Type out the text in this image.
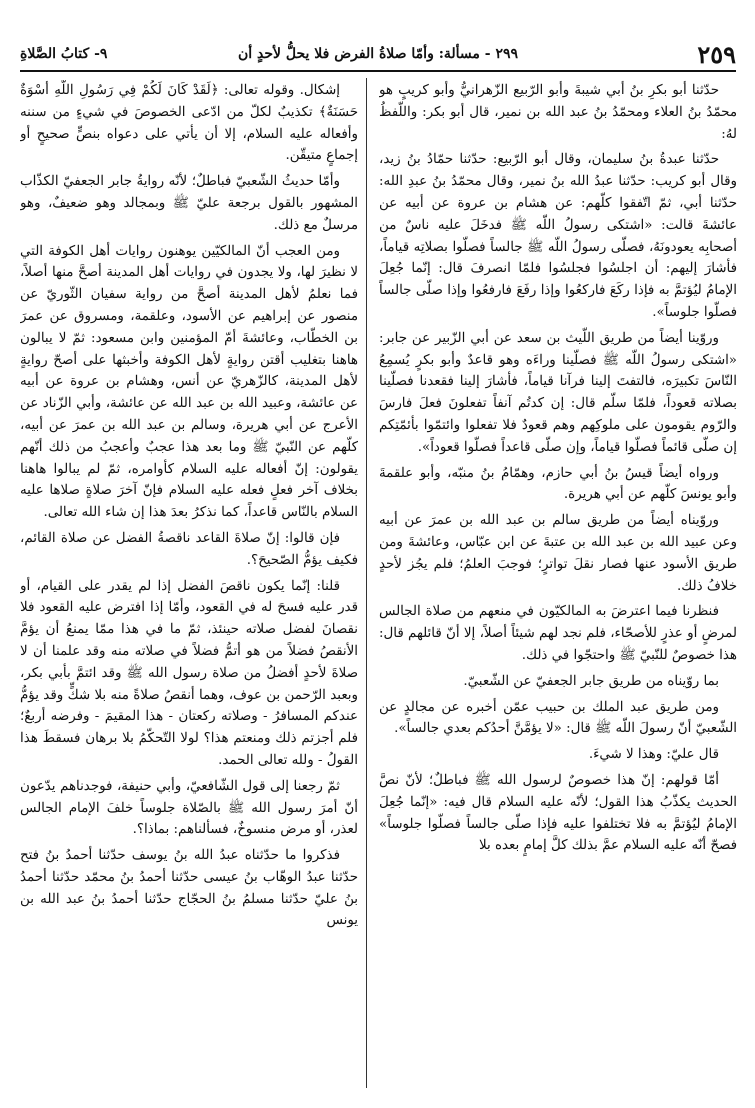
٢٥٩
٢٩٩ - مسألة: وأمّا صلاةُ الفرض فلا يحلُّ لأحدٍ أن
٩- كتابُ الصَّلاةِ

حدّثنا أبو بكرِ بنُ أبي شيبةَ وأبو الرّبيع الزّهرانيُّ وأبو كريبٍ هو محمّدُ بنُ العلاء ومحمّدُ بنُ عبد الله بن نمير، قال أبو بكر: واللّفظُ لهُ:

حدّثنا عبدةُ بنُ سليمان، وقال أبو الرّبيع: حدّثنا حمّادُ بنُ زيد، وقال أبو كريب: حدّثنا عبدُ الله بنُ نمير، وقال محمّدُ بنُ عبدِ الله: حدّثنا أبي، ثمّ اتّفقوا كلّهم: عن هشام بن عروة عن أبيه عن عائشةَ قالت: «اشتكى رسولُ اللّه ﷺ فدخَلَ عليه ناسٌ من أصحابِه يعودونَهُ، فصلّى رسولُ اللّه ﷺ جالساً فصلّوا بصلاتِه قياماً، فأشارَ إليهم: أن اجلسُوا فجلسُوا فلمّا انصرفَ قال: إنّما جُعِلَ الإمامُ ليُؤتمَّ به فإذا ركَعَ فاركعُوا وإذا رفَعَ فارفعُوا وإذا صلّى جالساً فصلّوا جلوساً».

وروّينا أيضاً من طريق اللّيث بن سعد عن أبي الزّبير عن جابر: «اشتكى رسولُ اللّه ﷺ فصلّينا وراءَه وهو قاعدٌ وأبو بكرٍ يُسمِعُ النّاسَ تكبيرَه، فالتفتَ إلينا فرآنا قياماً، فأشارَ إلينا فقعدنا فصلّينا بصلاته قعوداً، فلمّا سلّم قال: إن كدتُم آنفاً تفعلونَ فعلَ فارسَ والرّوم يقومون على ملوكِهم وهم قعودٌ فلا تفعلوا وائتمّوا بأئمّتِكم إن صلّى قائماً فصلّوا قياماً، وإن صلّى قاعداً فصلّوا قعوداً».

ورواه أيضاً قيسُ بنُ أبي حازم، وهمّامُ بنُ منبّه، وأبو علقمةَ وأبو يونسَ كلّهم عن أبي هريرة.

وروّيناه أيضاً من طريق سالم بن عبد الله بن عمرَ عن أبيه وعن عبيد الله بن عبد الله بن عتبةَ عن ابن عبّاس، وعائشةَ ومن طريق الأسود عنها فصار نقلَ تواترٍ؛ فوجبَ العلمُ؛ فلم يجُز لأحدٍ خلافُ ذلك.

فنظرنا فيما اعترضَ به المالكيّون في منعهم من صلاة الجالس لمرضٍ أو عذرٍ للأصحّاء، فلم نجد لهم شيئاً أصلاً، إلا أنّ قائلهم قال: هذا خصوصٌ للنّبيّ ﷺ واحتجّوا في ذلك.

بما روّيناه من طريق جابر الجعفيّ عن الشّعبيّ.

ومن طريق عبد الملك بن حبيب عمّن أخبره عن مجالدٍ عن الشّعبيّ أنّ رسولَ اللّه ﷺ قال: «لا يؤمَّنَّ أحدُكم بعدي جالساً».

قال عليّ: وهذا لا شيءَ.

أمّا قولهم: إنّ هذا خصوصٌ لرسول الله ﷺ فباطلٌ؛ لأنّ نصَّ الحديث يكذّبُ هذا القول؛ لأنّه عليه السلام قال فيه: «إنّما جُعِلَ الإمامُ ليُؤتمَّ به فلا تختلفوا عليه فإذا صلّى جالساً فصلّوا جلوساً» فصحّ أنّه عليه السلام عمَّ بذلك كلَّ إمامٍ بعده بلا

إشكال. وقوله تعالى: ﴿لَقَدْ كَانَ لَكُمْ فِي رَسُولِ اللَّهِ أُسْوَةٌ حَسَنَةٌ﴾ تكذيبٌ لكلّ من ادّعى الخصوصَ في شيءٍ من سننه وأفعاله عليه السلام، إلا أن يأتي على دعواه بنصٍّ صحيحٍ أو إجماعٍ متيقّن.

وأمّا حديثُ الشّعبيّ فباطلٌ؛ لأنّه روايةُ جابر الجعفيّ الكذّاب المشهور بالقول برجعة عليّ ﷺ وبمجالد وهو ضعيفٌ، وهو مرسلٌ مع ذلك.

ومن العجب أنّ المالكيّين يوهنون روايات أهل الكوفة التي لا نظيرَ لها، ولا يجدون في روايات أهل المدينة أصحَّ منها أصلاً، فما نعلمُ لأهل المدينة أصحَّ من رواية سفيان الثّوريّ عن منصور عن إبراهيم عن الأسود، وعلقمة، ومسروق عن عمرَ بن الخطّاب، وعائشةَ أمّ المؤمنين وابن مسعود: ثمّ لا يبالون هاهنا بتغليب أقتن روايةٍ لأهل الكوفة وأخبثها على أصحّ روايةٍ لأهل المدينة، كالزّهريّ عن أنس، وهشام بن عروة عن أبيه عن عائشة، وعبيد الله بن عبد الله عن عائشة، وأبي الزّناد عن الأعرج عن أبي هريرة، وسالم بن عبد الله بن عمرَ عن أبيه، كلّهم عن النّبيّ ﷺ وما بعد هذا عجبٌ وأعجبُ من ذلك أنّهم يقولون: إنّ أفعاله عليه السلام كأوامره، ثمّ لم يبالوا هاهنا بخلاف آخر فعلٍ فعله عليه السلام فإنّ آخرَ صلاةٍ صلاها عليه السلام بالنّاس قاعداً، كما نذكرُ بعدَ هذا إن شاء الله تعالى.

فإن قالوا: إنّ صلاةَ القاعد ناقصةُ الفضل عن صلاة القائم، فكيف يؤمُّ الصّحيحَ؟.

قلنا: إنّما يكون ناقصَ الفضل إذا لم يقدر على القيام، أو قدر عليه فسحَ له في القعود، وأمّا إذا افترض عليه القعود فلا نقصانَ لفضل صلاته حينئذ، ثمّ ما في هذا ممّا يمنعُ أن يؤمَّ الأنقصُ فضلاً من هو أتمُّ فضلاً في صلاته منه وقد علمنا أن لا صلاةَ لأحدٍ أفضلُ من صلاة رسول الله ﷺ وقد ائتمَّ بأبي بكر، وبعبد الرّحمن بن عوف، وهما أنقصُ صلاةً منه بلا شكٍّ وقد يؤمُّ عندكم المسافرُ - وصلاته ركعتان - هذا المقيمَ - وفرضه أربعٌ؛ فلم أجزتم ذلك ومنعتم هذا؟ لولا التّحكّمُ بلا برهان فسقطَ هذا القولُ - ولله تعالى الحمد.

ثمّ رجعنا إلى قول الشّافعيّ، وأبي حنيفة، فوجدناهم يدّعون أنّ أمرَ رسول الله ﷺ بالصّلاة جلوساً خلفَ الإمام الجالس لعذر، أو مرض منسوخٌ، فسألناهم: بماذا؟.

فذكروا ما حدّثناه عبدُ الله بنُ يوسف حدّثنا أحمدُ بنُ فتح حدّثنا عبدُ الوهّاب بنُ عيسى حدّثنا أحمدُ بنُ محمّد حدّثنا أحمدُ بنُ عليّ حدّثنا مسلمُ بنُ الحجّاج حدّثنا أحمدُ بنُ عبد الله بن يونس
